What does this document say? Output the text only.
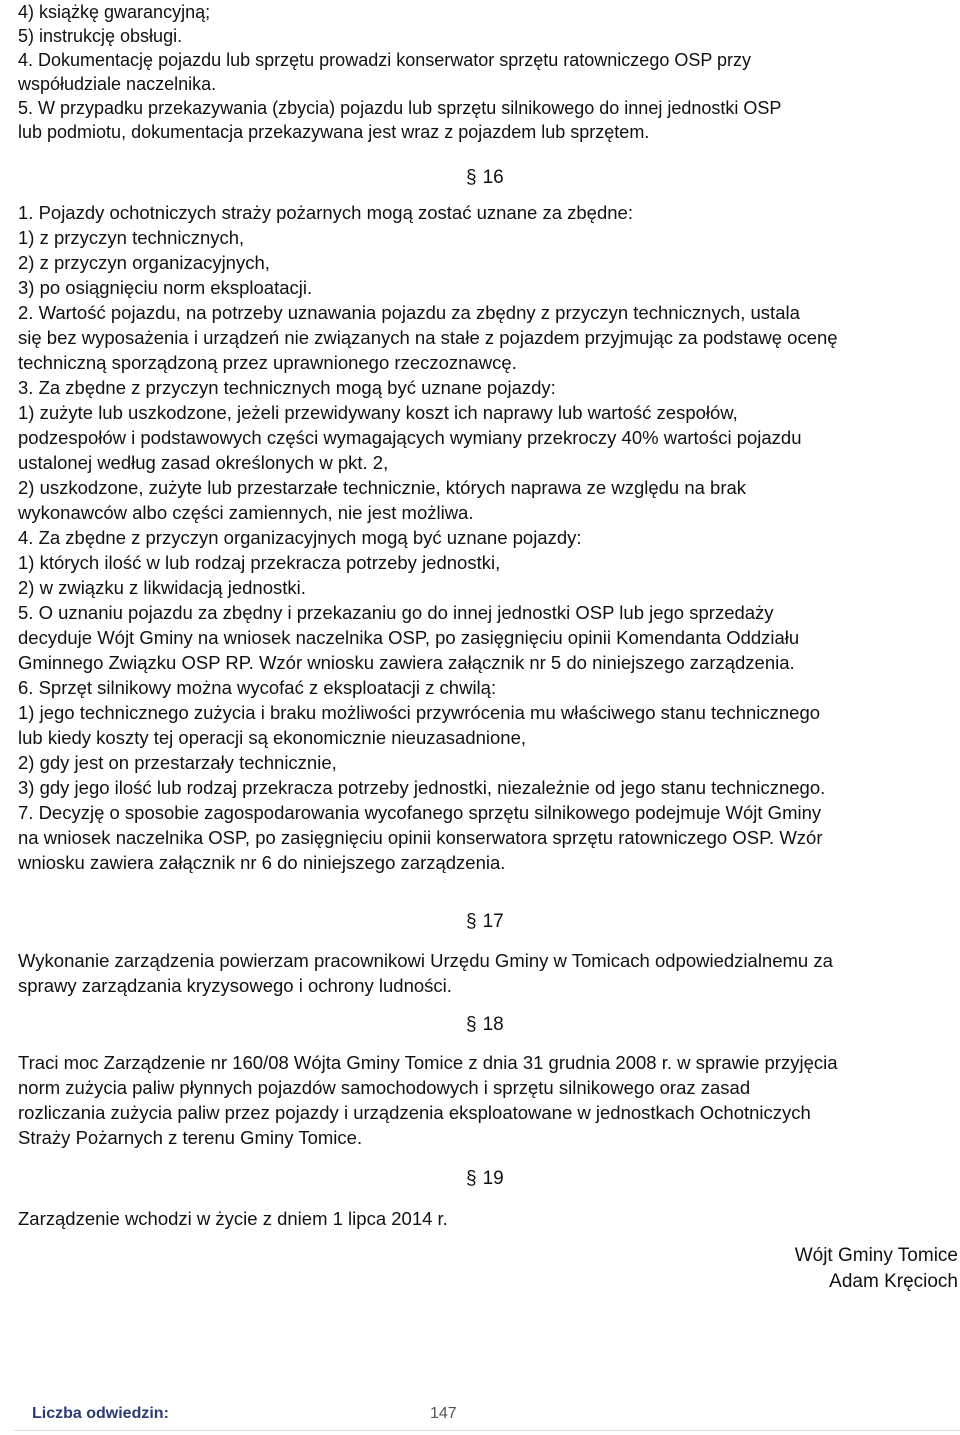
4) książkę gwarancyjną;
5) instrukcję obsługi.
4. Dokumentację pojazdu lub sprzętu prowadzi konserwator sprzętu ratowniczego OSP przy
współudziale naczelnika.
5. W przypadku przekazywania (zbycia) pojazdu lub sprzętu silnikowego do innej jednostki OSP
lub podmiotu, dokumentacja przekazywana jest wraz z pojazdem lub sprzętem.
§ 16
1. Pojazdy ochotniczych straży pożarnych mogą zostać uznane za zbędne:
1) z przyczyn technicznych,
2) z przyczyn organizacyjnych,
3) po osiągnięciu norm eksploatacji.
2. Wartość pojazdu, na potrzeby uznawania pojazdu za zbędny z przyczyn technicznych, ustala
się bez wyposażenia i urządzeń nie związanych na stałe z pojazdem przyjmując za podstawę ocenę
techniczną sporządzoną przez uprawnionego rzeczoznawcę.
3. Za zbędne z przyczyn technicznych mogą być uznane pojazdy:
1) zużyte lub uszkodzone, jeżeli przewidywany koszt ich naprawy lub wartość zespołów,
podzespołów i podstawowych części wymagających wymiany przekroczy 40% wartości pojazdu
ustalonej według zasad określonych w pkt. 2,
2) uszkodzone, zużyte lub przestarzałe technicznie, których naprawa ze względu na brak
wykonawców albo części zamiennych, nie jest możliwa.
4. Za zbędne z przyczyn organizacyjnych mogą być uznane pojazdy:
1) których ilość w lub rodzaj przekracza potrzeby jednostki,
2) w związku z likwidacją jednostki.
5. O uznaniu pojazdu za zbędny i przekazaniu go do innej jednostki OSP lub jego sprzedaży
decyduje Wójt Gminy na wniosek naczelnika OSP, po zasięgnięciu opinii Komendanta Oddziału
Gminnego Związku OSP RP. Wzór wniosku zawiera załącznik nr 5 do niniejszego zarządzenia.
6. Sprzęt silnikowy można wycofać z eksploatacji z chwilą:
1) jego technicznego zużycia i braku możliwości przywrócenia mu właściwego stanu technicznego
lub kiedy koszty tej operacji są ekonomicznie nieuzasadnione,
2) gdy jest on przestarzały technicznie,
3) gdy jego ilość lub rodzaj przekracza potrzeby jednostki, niezależnie od jego stanu technicznego.
7. Decyzję o sposobie zagospodarowania wycofanego sprzętu silnikowego podejmuje Wójt Gminy
na wniosek naczelnika OSP, po zasięgnięciu opinii konserwatora sprzętu ratowniczego OSP. Wzór
wniosku zawiera załącznik nr 6 do niniejszego zarządzenia.
§ 17
Wykonanie zarządzenia powierzam pracownikowi Urzędu Gminy w Tomicach odpowiedzialnemu za
sprawy zarządzania kryzysowego i ochrony ludności.
§ 18
Traci moc Zarządzenie nr 160/08 Wójta Gminy Tomice z dnia 31 grudnia 2008 r. w sprawie przyjęcia
norm zużycia paliw płynnych pojazdów samochodowych i sprzętu silnikowego oraz zasad
rozliczania zużycia paliw przez pojazdy i urządzenia eksploatowane w jednostkach Ochotniczych
Straży Pożarnych z terenu Gminy Tomice.
§ 19
Zarządzenie wchodzi w życie z dniem 1 lipca 2014 r.
Wójt Gminy Tomice
Adam Kręcioch
Liczba odwiedzin:	147
